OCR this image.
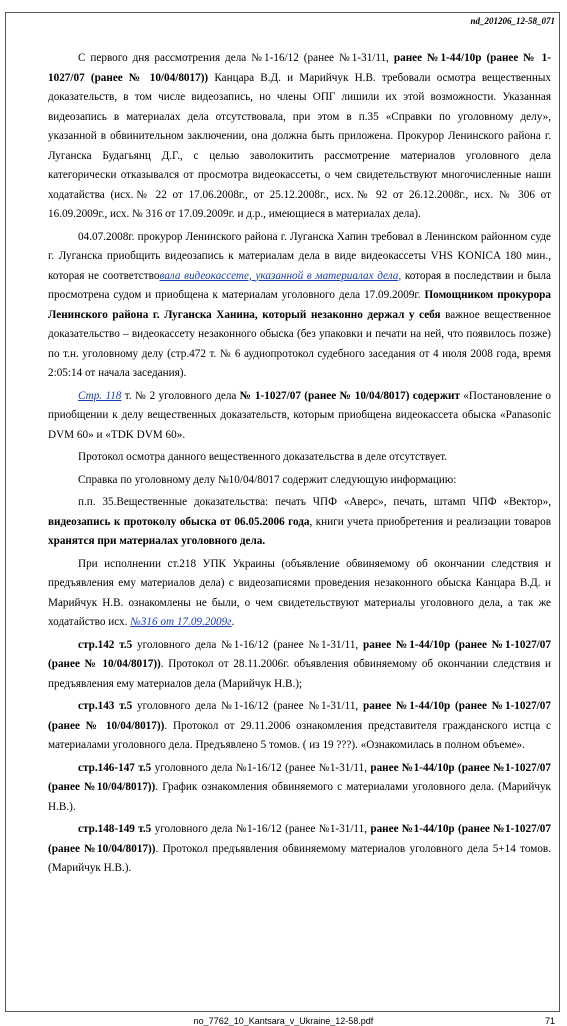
nd_201206_12-58_071

С первого дня рассмотрения дела №1-16/12 (ранее №1-31/11, ранее №1-44/10р (ранее № 1-1027/07 (ранее № 10/04/8017)) Канцара В.Д. и Марийчук Н.В. требовали осмотра вещественных доказательств, в том числе видеозапись, но члены ОПГ лишили их этой возможности. Указанная видеозапись в материалах дела отсутствовала, при этом в п.35 «Справки по уголовному делу», указанной в обвинительном заключении, она должна быть приложена. Прокурор Ленинского района г. Луганска Будагьянц Д.Г., с целью заволокитить рассмотрение материалов уголовного дела категорически отказывался от просмотра видеокассеты, о чем свидетельствуют многочисленные наши ходатайства (исх.№ 22 от 17.06.2008г., от 25.12.2008г., исх.№ 92 от 26.12.2008г., исх. № 306 от 16.09.2009г., исх. № 316 от 17.09.2009г. и д.р., имеющиеся в материалах дела).

04.07.2008г. прокурор Ленинского района г. Луганска Хапин требовал в Ленинском районном суде г. Луганска приобщить видеозапись к материалам дела в виде видеокассеты VHS KONICA 180 мин., которая не соответствовала видеокассете, указанной в материалах дела, которая в последствии и была просмотрена судом и приобщена к материалам уголовного дела 17.09.2009г. Помощником прокурора Ленинского района г. Луганска Ханина, который незаконно держал у себя важное вещественное доказательство – видеокассету незаконного обыска (без упаковки и печати на ней, что появилось позже) по т.н. уголовному делу (стр.472 т. № 6 аудиопротокол судебного заседания от 4 июля 2008 года, время 2:05:14 от начала заседания).

Стр. 118 т. № 2 уголовного дела № 1-1027/07 (ранее № 10/04/8017) содержит «Постановление о приобщении к делу вещественных доказательств, которым приобщена видеокассета обыска «Panasonic DVM 60» и «TDK DVM 60».

Протокол осмотра данного вещественного доказательства в деле отсутствует.

Справка по уголовному делу №10/04/8017 содержит следующую информацию:

п.п. 35.Вещественные доказательства: печать ЧПФ «Аверс», печать, штамп ЧПФ «Вектор», видеозапись к протоколу обыска от 06.05.2006 года, книги учета приобретения и реализации товаров хранятся при материалах уголовного дела.

При исполнении ст.218 УПК Украины (объявление обвиняемому об окончании следствия и предъявления ему материалов дела) с видеозаписями проведения незаконного обыска Канцара В.Д. и Марийчук Н.В. ознакомлены не были, о чем свидетельствуют материалы уголовного дела, а так же ходатайство исх. №316 от 17.09.2009г.

стр.142 т.5 уголовного дела №1-16/12 (ранее №1-31/11, ранее №1-44/10р (ранее №1-1027/07 (ранее № 10/04/8017)). Протокол от 28.11.2006г. объявления обвиняемому об окончании следствия и предъявления ему материалов дела (Марийчук Н.В.);

стр.143 т.5 уголовного дела №1-16/12 (ранее №1-31/11, ранее №1-44/10р (ранее №1-1027/07 (ранее № 10/04/8017)). Протокол от 29.11.2006 ознакомления представителя гражданского истца с материалами уголовного дела. Предъявлено 5 томов. ( из 19 ???). «Ознакомилась в полном объеме».

стр.146-147 т.5 уголовного дела №1-16/12 (ранее №1-31/11, ранее №1-44/10р (ранее №1-1027/07 (ранее №10/04/8017)). График ознакомления обвиняемого с материалами уголовного дела. (Марийчук Н.В.).

стр.148-149 т.5 уголовного дела №1-16/12 (ранее №1-31/11, ранее №1-44/10р (ранее №1-1027/07 (ранее №10/04/8017)). Протокол предъявления обвиняемому материалов уголовного дела 5+14 томов. (Марийчук Н.В.).

no_7762_10_Kantsara_v_Ukraine_12-58.pdf	71
